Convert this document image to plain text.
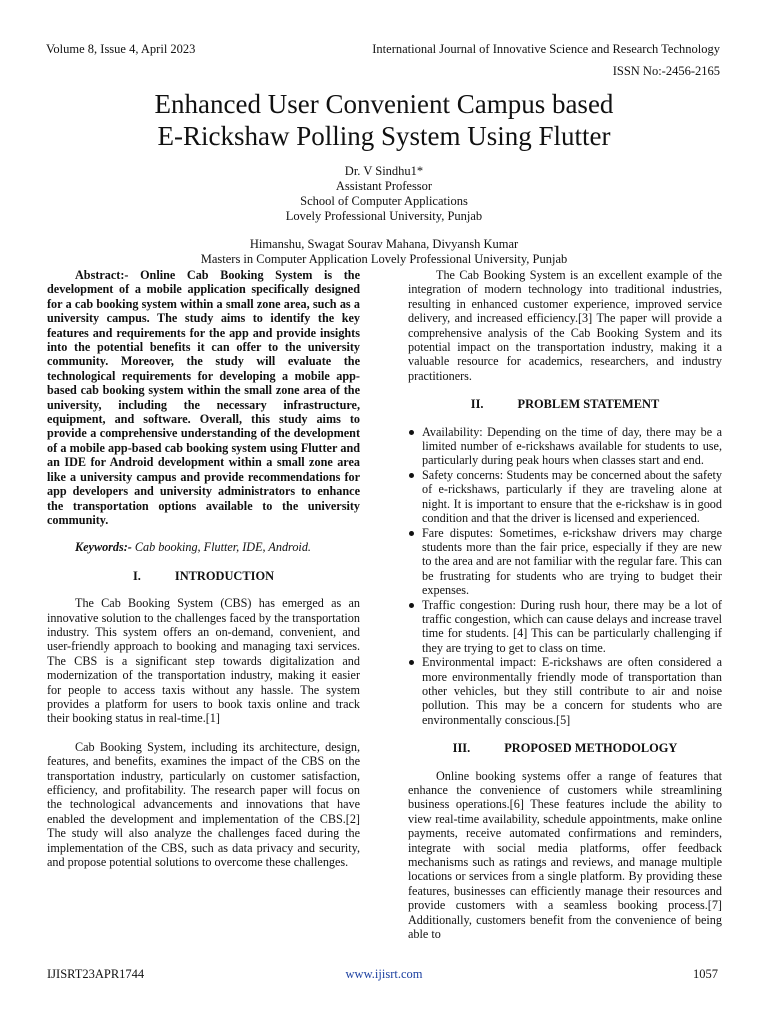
Volume 8, Issue 4, April 2023	International Journal of Innovative Science and Research Technology
ISSN No:-2456-2165
Enhanced User Convenient Campus based
E-Rickshaw Polling System Using Flutter
Dr. V Sindhu1*
Assistant Professor
School of Computer Applications
Lovely Professional University, Punjab
Himanshu, Swagat Sourav Mahana, Divyansh Kumar
Masters in Computer Application Lovely Professional University, Punjab

Abstract:- Online Cab Booking System is the development of a mobile application specifically designed for a cab booking system within a small zone area, such as a university campus. The study aims to identify the key features and requirements for the app and provide insights into the potential benefits it can offer to the university community. Moreover, the study will evaluate the technological requirements for developing a mobile app-based cab booking system within the small zone area of the university, including the necessary infrastructure, equipment, and software. Overall, this study aims to provide a comprehensive understanding of the development of a mobile app-based cab booking system using Flutter and an IDE for Android development within a small zone area like a university campus and provide recommendations for app developers and university administrators to enhance the transportation options available to the university community.

Keywords:- Cab booking, Flutter, IDE, Android.

I.	INTRODUCTION

The Cab Booking System (CBS) has emerged as an innovative solution to the challenges faced by the transportation industry. This system offers an on-demand, convenient, and user-friendly approach to booking and managing taxi services. The CBS is a significant step towards digitalization and modernization of the transportation industry, making it easier for people to access taxis without any hassle. The system provides a platform for users to book taxis online and track their booking status in real-time.[1]

Cab Booking System, including its architecture, design, features, and benefits, examines the impact of the CBS on the transportation industry, particularly on customer satisfaction, efficiency, and profitability. The research paper will focus on the technological advancements and innovations that have enabled the development and implementation of the CBS.[2] The study will also analyze the challenges faced during the implementation of the CBS, such as data privacy and security, and propose potential solutions to overcome these challenges.

The Cab Booking System is an excellent example of the integration of modern technology into traditional industries, resulting in enhanced customer experience, improved service delivery, and increased efficiency.[3] The paper will provide a comprehensive analysis of the Cab Booking System and its potential impact on the transportation industry, making it a valuable resource for academics, researchers, and industry practitioners.

II.	PROBLEM STATEMENT
Availability: Depending on the time of day, there may be a limited number of e-rickshaws available for students to use, particularly during peak hours when classes start and end.
Safety concerns: Students may be concerned about the safety of e-rickshaws, particularly if they are traveling alone at night. It is important to ensure that the e-rickshaw is in good condition and that the driver is licensed and experienced.
Fare disputes: Sometimes, e-rickshaw drivers may charge students more than the fair price, especially if they are new to the area and are not familiar with the regular fare. This can be frustrating for students who are trying to budget their expenses.
Traffic congestion: During rush hour, there may be a lot of traffic congestion, which can cause delays and increase travel time for students. [4] This can be particularly challenging if they are trying to get to class on time.
Environmental impact: E-rickshaws are often considered a more environmentally friendly mode of transportation than other vehicles, but they still contribute to air and noise pollution. This may be a concern for students who are environmentally conscious.[5]
III.	PROPOSED METHODOLOGY

Online booking systems offer a range of features that enhance the convenience of customers while streamlining business operations.[6] These features include the ability to view real-time availability, schedule appointments, make online payments, receive automated confirmations and reminders, integrate with social media platforms, offer feedback mechanisms such as ratings and reviews, and manage multiple locations or services from a single platform. By providing these features, businesses can efficiently manage their resources and provide customers with a seamless booking process.[7] Additionally, customers benefit from the convenience of being able to

IJISRT23APR1744	www.ijisrt.com	1057
